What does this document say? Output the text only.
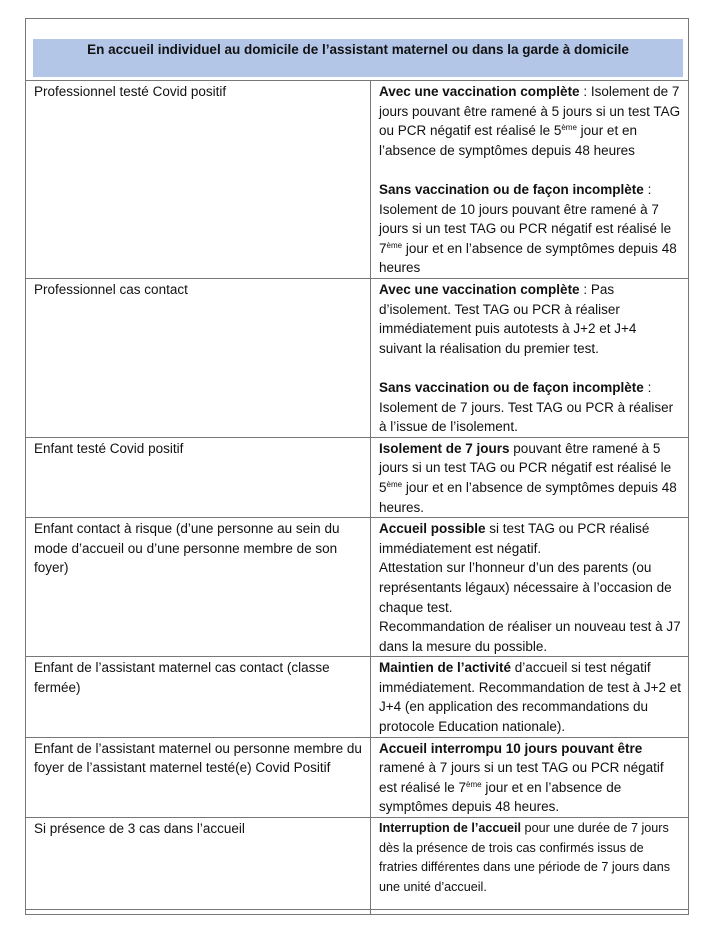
En accueil individuel au domicile de l’assistant maternel ou dans la garde à domicile
Professionnel testé Covid positif	Avec une vaccination complète : Isolement de 7 jours pouvant être ramené à 5 jours si un test TAG ou PCR négatif est réalisé le 5ème jour et en l’absence de symptômes depuis 48 heures
Sans vaccination ou de façon incomplète : Isolement de 10 jours pouvant être ramené à 7 jours si un test TAG ou PCR négatif est réalisé le 7ème jour et en l’absence de symptômes depuis 48 heures

Professionnel cas contact	Avec une vaccination complète : Pas d’isolement. Test TAG ou PCR à réaliser immédiatement puis autotests à J+2 et J+4 suivant la réalisation du premier test.
Sans vaccination ou de façon incomplète : Isolement de 7 jours. Test TAG ou PCR à réaliser à l’issue de l’isolement.

Enfant testé Covid positif	Isolement de 7 jours pouvant être ramené à 5 jours si un test TAG ou PCR négatif est réalisé le 5ème jour et en l’absence de symptômes depuis 48 heures.

Enfant contact à risque (d’une personne au sein du mode d’accueil ou d’une personne membre de son foyer)	Accueil possible si test TAG ou PCR réalisé immédiatement est négatif.
Attestation sur l’honneur d’un des parents (ou représentants légaux) nécessaire à l’occasion de chaque test.
Recommandation de réaliser un nouveau test à J7 dans la mesure du possible.

Enfant de l’assistant maternel cas contact (classe fermée)	Maintien de l’activité d’accueil si test négatif immédiatement. Recommandation de test à J+2 et J+4 (en application des recommandations du protocole Education nationale).

Enfant de l’assistant maternel ou personne membre du foyer de l’assistant maternel testé(e) Covid Positif	Accueil interrompu 10 jours pouvant être ramené à 7 jours si un test TAG ou PCR négatif est réalisé le 7ème jour et en l’absence de symptômes depuis 48 heures.

Si présence de 3 cas dans l’accueil	Interruption de l’accueil pour une durée de 7 jours dès la présence de trois cas confirmés issus de fratries différentes dans une période de 7 jours dans une unité d’accueil.
